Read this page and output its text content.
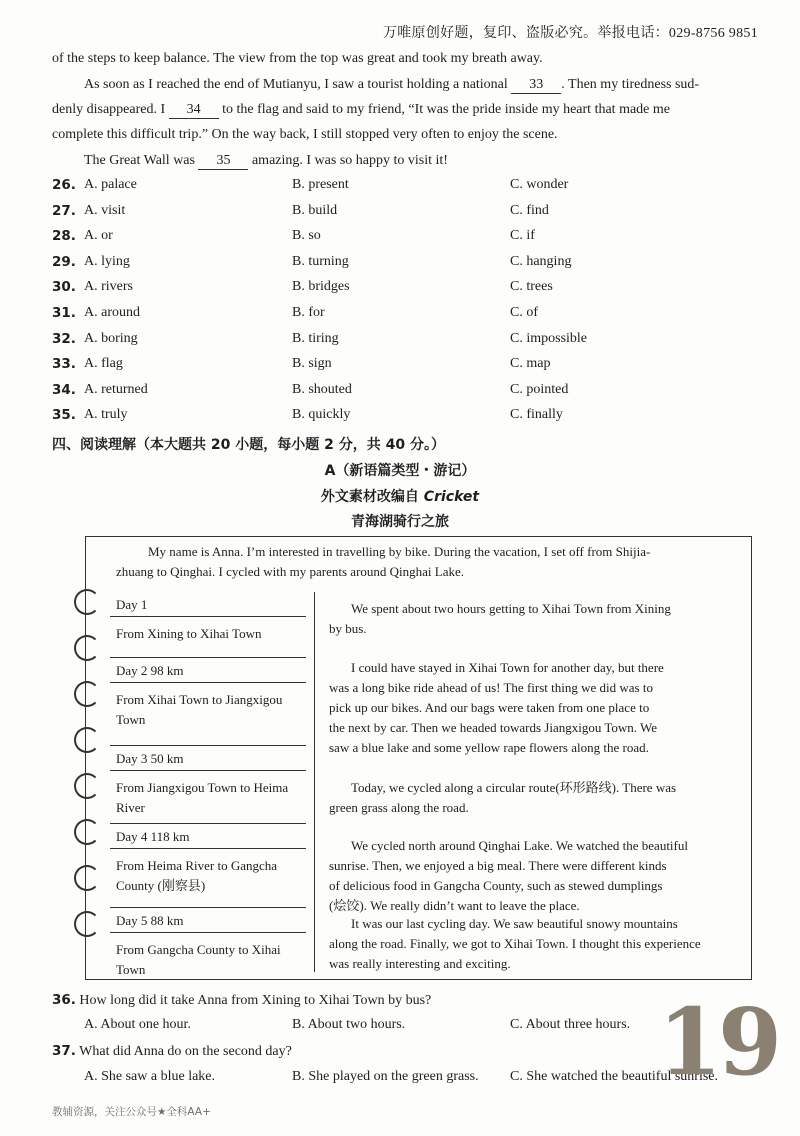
万唯原创好题，复印、盗版必究。举报电话：029-8756 9851
of the steps to keep balance. The view from the top was great and took my breath away.
As soon as I reached the end of Mutianyu, I saw a tourist holding a national 33 . Then my tiredness sud-
denly disappeared. I 34 to the flag and said to my friend, “It was the pride inside my heart that made me
complete this difficult trip.” On the way back, I still stopped very often to enjoy the scene.
The Great Wall was 35 amazing. I was so happy to visit it!
26. A. palace	B. present	C. wonder
27. A. visit	B. build	C. find
28. A. or	B. so	C. if
29. A. lying	B. turning	C. hanging
30. A. rivers	B. bridges	C. trees
31. A. around	B. for	C. of
32. A. boring	B. tiring	C. impossible
33. A. flag	B. sign	C. map
34. A. returned	B. shouted	C. pointed
35. A. truly	B. quickly	C. finally
四、阅读理解（本大题共 20 小题，每小题 2 分，共 40 分。）
A（新语篇类型・游记）
外文素材改编自 Cricket
青海湖骑行之旅
My name is Anna. I’m interested in travelling by bike. During the vacation, I set off from Shijia-
zhuang to Qinghai. I cycled with my parents around Qinghai Lake.
Day 1
From Xining to Xihai Town
Day 2 98 km
From Xihai Town to Jiangxigou
Town
Day 3 50 km
From Jiangxigou Town to Heima
River
Day 4 118 km
From Heima River to Gangcha
County (刚察县)
Day 5 88 km
From Gangcha County to Xihai
Town
We spent about two hours getting to Xihai Town from Xining
by bus.
I could have stayed in Xihai Town for another day, but there
was a long bike ride ahead of us! The first thing we did was to
pick up our bikes. And our bags were taken from one place to
the next by car. Then we headed towards Jiangxigou Town. We
saw a blue lake and some yellow rape flowers along the road.
Today, we cycled along a circular route(环形路线). There was
green grass along the road.
We cycled north around Qinghai Lake. We watched the beautiful
sunrise. Then, we enjoyed a big meal. There were different kinds
of delicious food in Gangcha County, such as stewed dumplings
(烩饺). We really didn’t want to leave the place.
It was our last cycling day. We saw beautiful snowy mountains
along the road. Finally, we got to Xihai Town. I thought this experience
was really interesting and exciting.
36. How long did it take Anna from Xining to Xihai Town by bus?
A. About one hour.	B. About two hours.	C. About three hours.
37. What did Anna do on the second day?
A. She saw a blue lake.	B. She played on the green grass. C. She watched the beautiful sunrise.
19
教辅资源，关注公众号★全科AA+
